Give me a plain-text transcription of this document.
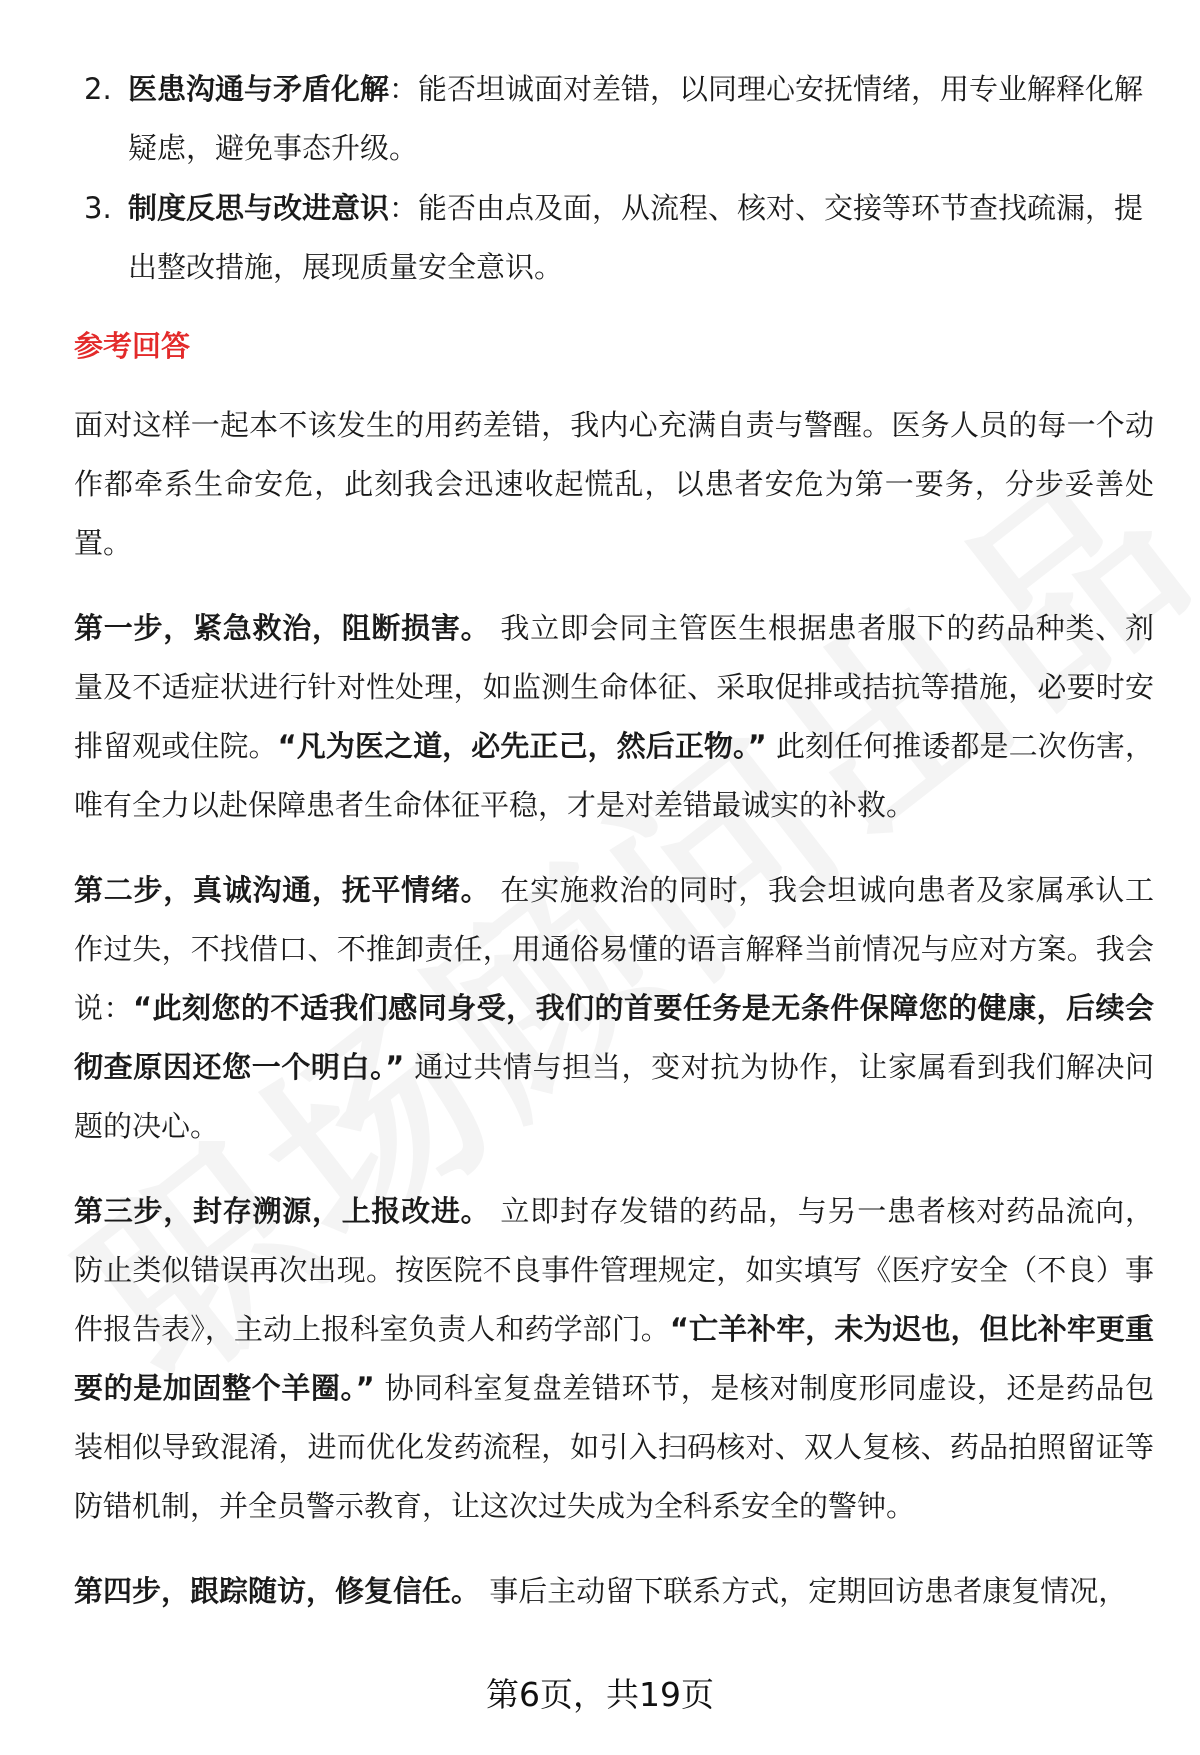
2. 医患沟通与矛盾化解：能否坦诚面对差错，以同理心安抚情绪，用专业解释化解疑虑，避免事态升级。
3. 制度反思与改进意识：能否由点及面，从流程、核对、交接等环节查找疏漏，提出整改措施，展现质量安全意识。
参考回答

面对这样一起本不该发生的用药差错，我内心充满自责与警醒。医务人员的每一个动作都牵系生命安危，此刻我会迅速收起慌乱，以患者安危为第一要务，分步妥善处置。

第一步，紧急救治，阻断损害。 我立即会同主管医生根据患者服下的药品种类、剂量及不适症状进行针对性处理，如监测生命体征、采取促排或拮抗等措施，必要时安排留观或住院。“凡为医之道，必先正己，然后正物。” 此刻任何推诿都是二次伤害，唯有全力以赴保障患者生命体征平稳，才是对差错最诚实的补救。

第二步，真诚沟通，抚平情绪。 在实施救治的同时，我会坦诚向患者及家属承认工作过失，不找借口、不推卸责任，用通俗易懂的语言解释当前情况与应对方案。我会说：“此刻您的不适我们感同身受，我们的首要任务是无条件保障您的健康，后续会彻查原因还您一个明白。” 通过共情与担当，变对抗为协作，让家属看到我们解决问题的决心。

第三步，封存溯源，上报改进。 立即封存发错的药品，与另一患者核对药品流向，防止类似错误再次出现。按医院不良事件管理规定，如实填写《医疗安全（不良）事件报告表》，主动上报科室负责人和药学部门。“亡羊补牢，未为迟也，但比补牢更重要的是加固整个羊圈。” 协同科室复盘差错环节，是核对制度形同虚设，还是药品包装相似导致混淆，进而优化发药流程，如引入扫码核对、双人复核、药品拍照留证等防错机制，并全员警示教育，让这次过失成为全科系安全的警钟。

第四步，跟踪随访，修复信任。 事后主动留下联系方式，定期回访患者康复情况，

第6页，共19页
